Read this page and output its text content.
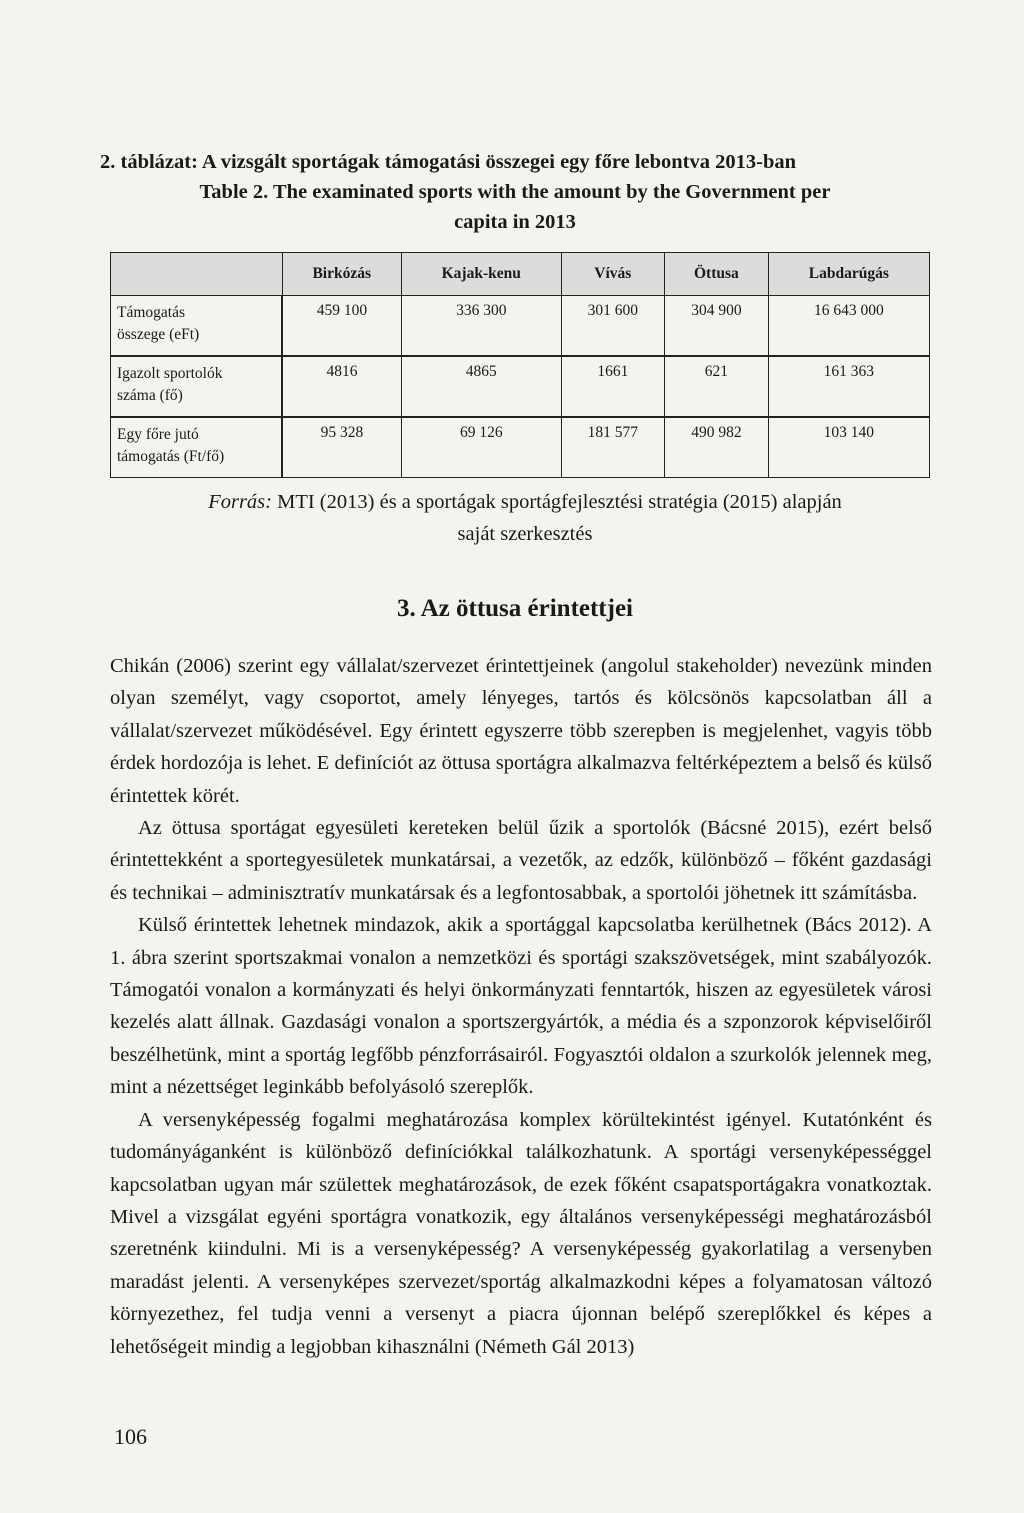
2. táblázat: A vizsgált sportágak támogatási összegei egy főre lebontva 2013-ban
Table 2. The examinated sports with the amount by the Government per
capita in 2013
	Birkózás	Kajak-kenu	Vívás	Öttusa	Labdarúgás
Támogatás
összege (eFt)	459 100	336 300	301 600	304 900	16 643 000
Igazolt sportolók
száma (fő)	4816	4865	1661	621	161 363
Egy főre jutó
támogatás (Ft/fő)	95 328	69 126	181 577	490 982	103 140
Forrás: MTI (2013) és a sportágak sportágfejlesztési stratégia (2015) alapján
saját szerkesztés
3. Az öttusa érintettjei

Chikán (2006) szerint egy vállalat/szervezet érintettjeinek (angolul stakeholder) nevezünk minden olyan személyt, vagy csoportot, amely lényeges, tartós és kölcsönös kapcsolatban áll a vállalat/szervezet működésével. Egy érintett egyszerre több szerepben is megjelenhet, vagyis több érdek hordozója is lehet. E definíciót az öttusa sportágra alkalmazva feltérképeztem a belső és külső érintettek körét.

Az öttusa sportágat egyesületi kereteken belül űzik a sportolók (Bácsné 2015), ezért belső érintettekként a sportegyesületek munkatársai, a vezetők, az edzők, különböző – főként gazdasági és technikai – adminisztratív munkatársak és a legfontosabbak, a sportolói jöhetnek itt számításba.

Külső érintettek lehetnek mindazok, akik a sportággal kapcsolatba kerülhetnek (Bács 2012). A 1. ábra szerint sportszakmai vonalon a nemzetközi és sportági szakszövetségek, mint szabályozók. Támogatói vonalon a kormányzati és helyi önkormányzati fenntartók, hiszen az egyesületek városi kezelés alatt állnak. Gazdasági vonalon a sportszergyártók, a média és a szponzorok képviselőiről beszélhetünk, mint a sportág legfőbb pénzforrásairól. Fogyasztói oldalon a szurkolók jelennek meg, mint a nézettséget leginkább befolyásoló szereplők.

A versenyképesség fogalmi meghatározása komplex körültekintést igényel. Kutatónként és tudományáganként is különböző definíciókkal találkozhatunk. A sportági versenyképességgel kapcsolatban ugyan már születtek meghatározások, de ezek főként csapatsportágakra vonatkoztak. Mivel a vizsgálat egyéni sportágra vonatkozik, egy általános versenyképességi meghatározásból szeretnénk kiindulni. Mi is a versenyképesség? A versenyképesség gyakorlatilag a versenyben maradást jelenti. A versenyképes szervezet/sportág alkalmazkodni képes a folyamatosan változó környezethez, fel tudja venni a versenyt a piacra újonnan belépő szereplőkkel és képes a lehetőségeit mindig a legjobban kihasználni (Németh Gál 2013)

106
